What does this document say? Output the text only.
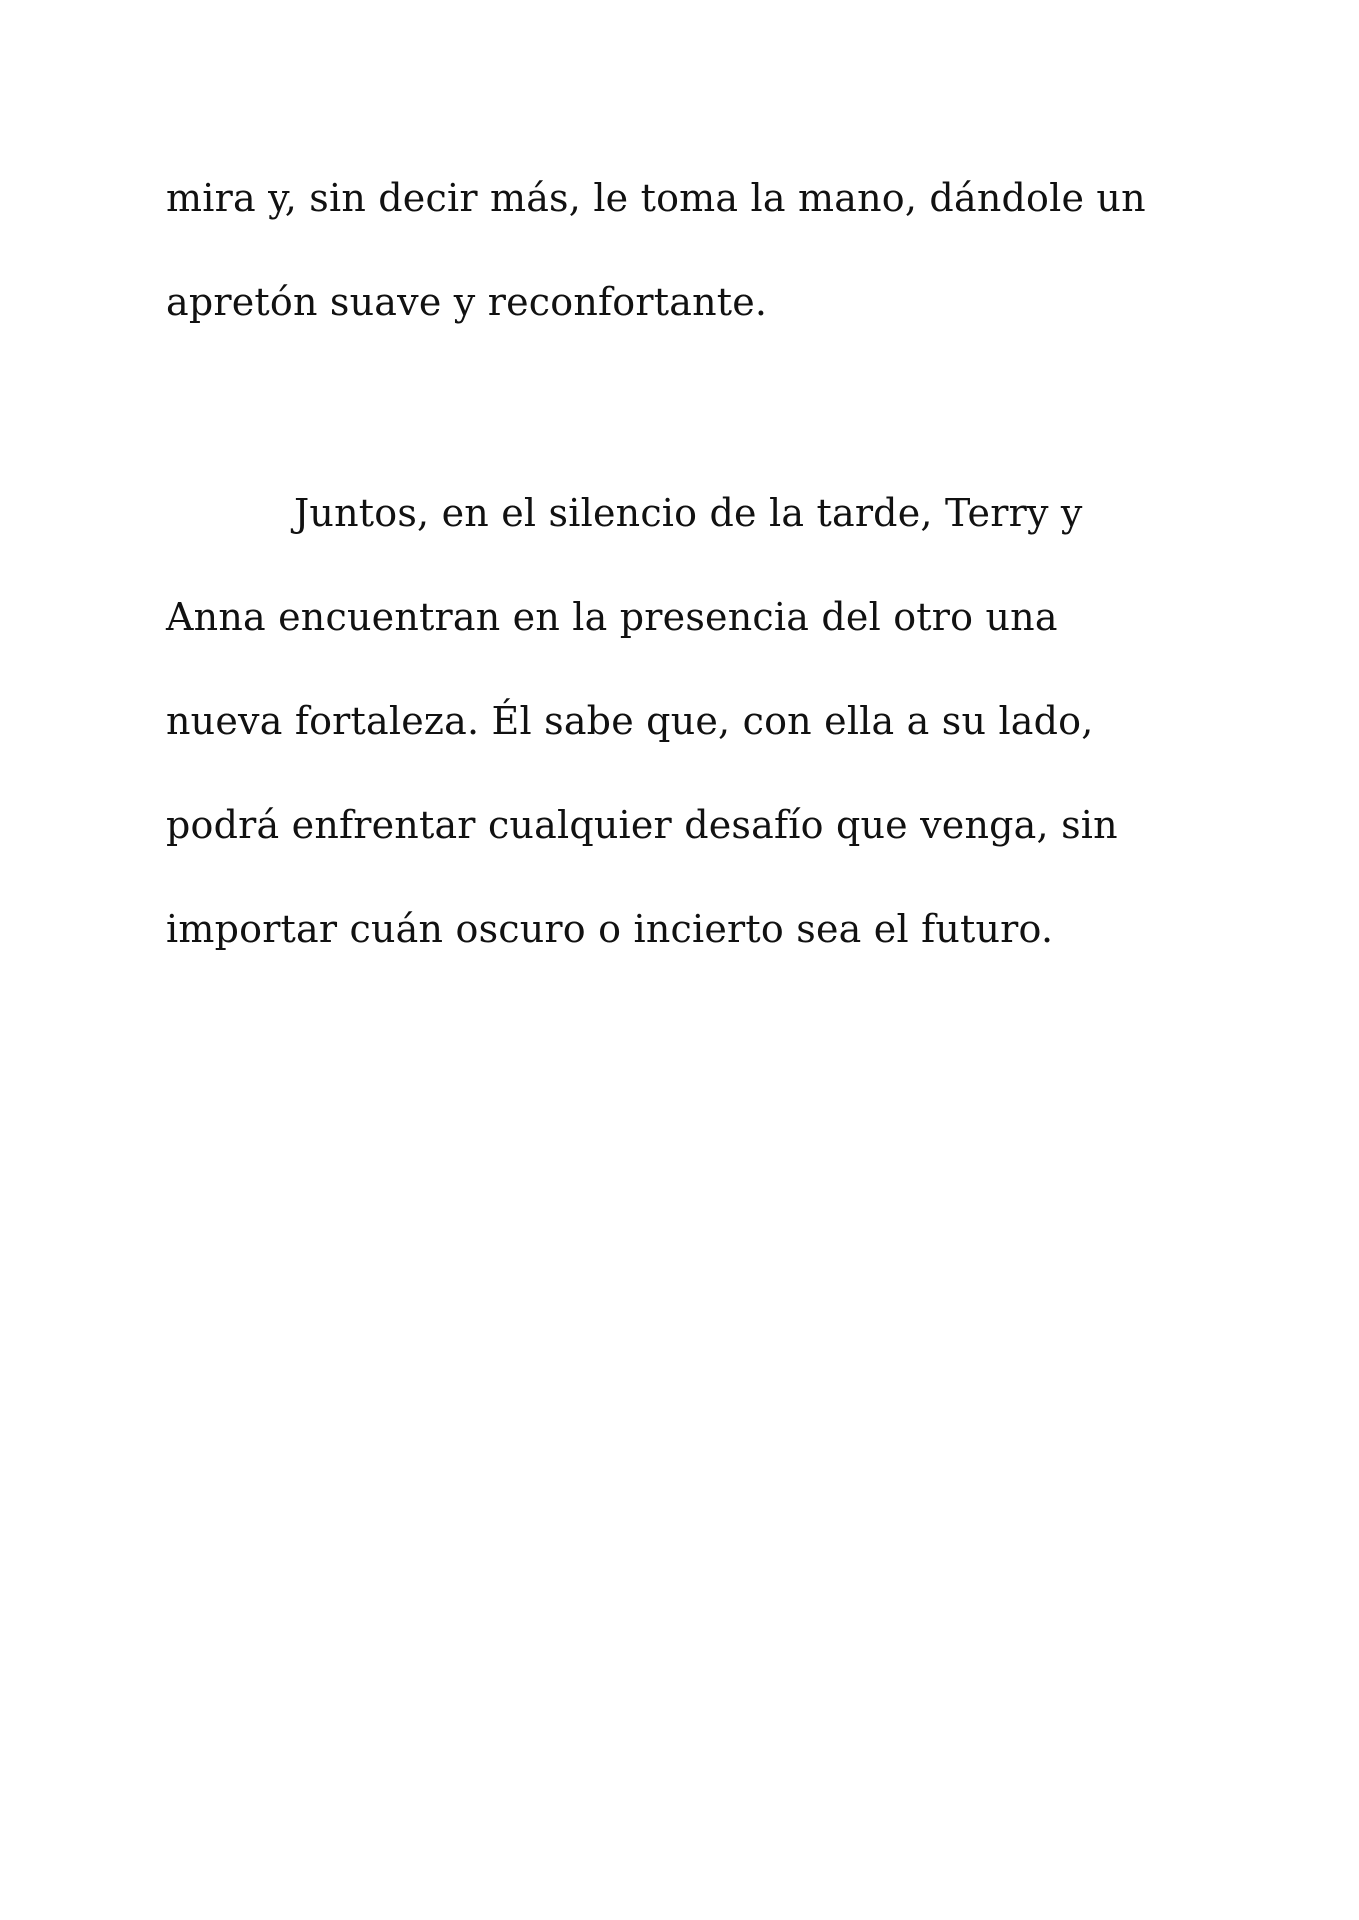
mira y, sin decir más, le toma la mano, dándole un
apretón suave y reconfortante.
Juntos, en el silencio de la tarde, Terry y
Anna encuentran en la presencia del otro una
nueva fortaleza. Él sabe que, con ella a su lado,
podrá enfrentar cualquier desafío que venga, sin
importar cuán oscuro o incierto sea el futuro.
